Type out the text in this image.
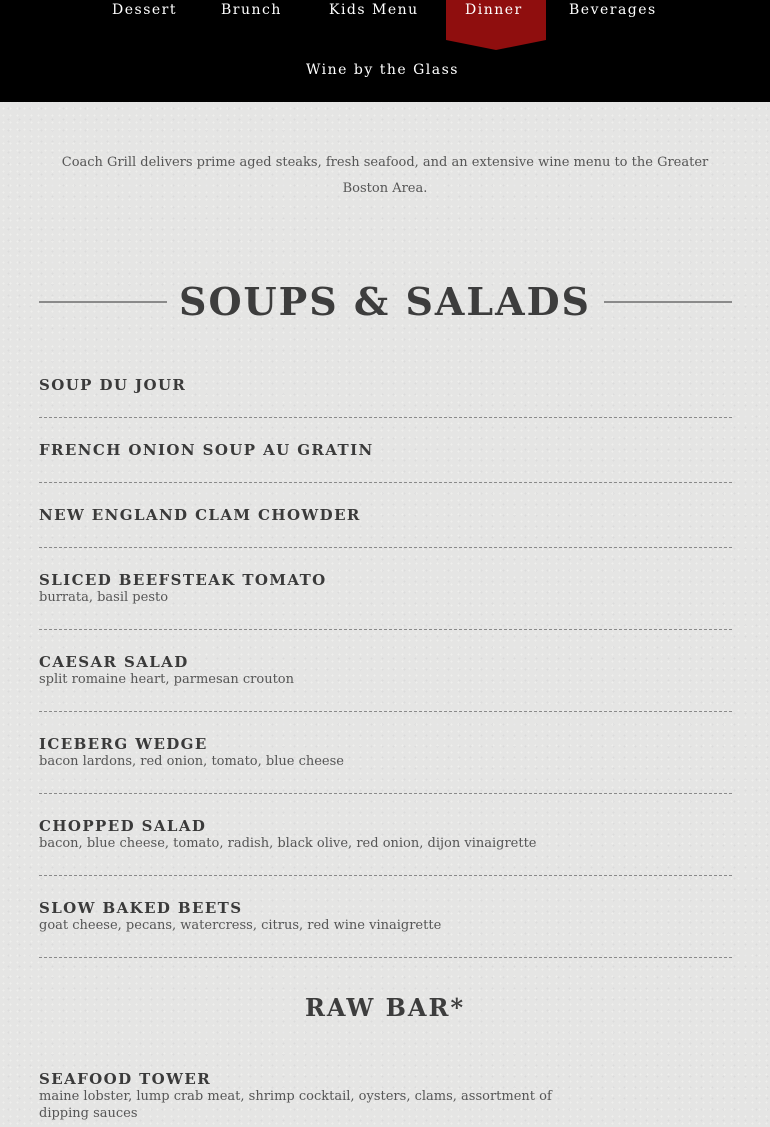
Dessert	Brunch	Kids Menu	Dinner	Beverages
Wine by the Glass

Coach Grill delivers prime aged steaks, fresh seafood, and an extensive wine menu to the Greater Boston Area.

SOUPS & SALADS
SOUP DU JOUR
FRENCH ONION SOUP AU GRATIN
NEW ENGLAND CLAM CHOWDER
SLICED BEEFSTEAK TOMATO

burrata, basil pesto

CAESAR SALAD

split romaine heart, parmesan crouton

ICEBERG WEDGE

bacon lardons, red onion, tomato, blue cheese

CHOPPED SALAD

bacon, blue cheese, tomato, radish, black olive, red onion, dijon vinaigrette

SLOW BAKED BEETS

goat cheese, pecans, watercress, citrus, red wine vinaigrette

RAW BAR*
SEAFOOD TOWER

maine lobster, lump crab meat, shrimp cocktail, oysters, clams, assortment of dipping sauces
